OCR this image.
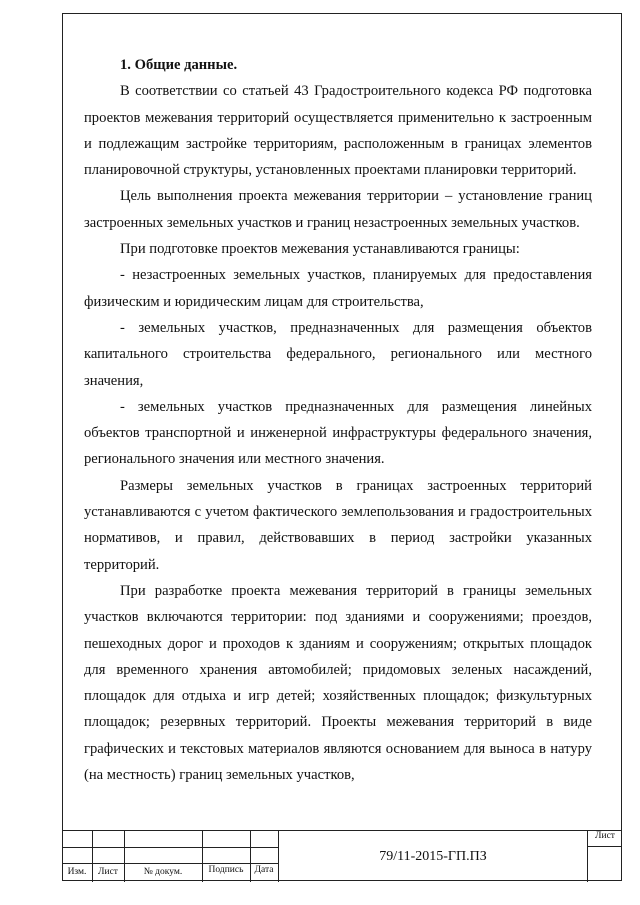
1. Общие данные.

В соответствии со статьей 43 Градостроительного кодекса РФ подготовка проектов межевания территорий осуществляется применительно к застроенным и подлежащим застройке территориям, расположенным в границах элементов планировочной структуры, установленных проектами планировки территорий.

Цель выполнения проекта межевания территории – установление границ застроенных земельных участков и границ незастроенных земельных участков.

При подготовке проектов межевания устанавливаются границы:

- незастроенных земельных участков, планируемых для предоставления физическим и юридическим лицам для строительства,

- земельных участков, предназначенных для размещения объектов капитального строительства федерального, регионального или местного значения,

- земельных участков предназначенных для размещения линейных объектов транспортной и инженерной инфраструктуры федерального значения, регионального значения или местного значения.

Размеры земельных участков в границах застроенных территорий устанавливаются с учетом фактического землепользования и градостроительных нормативов, и правил, действовавших в период застройки указанных территорий.

При разработке проекта межевания территорий в границы земельных участков включаются территории: под зданиями и сооружениями; проездов, пешеходных дорог и проходов к зданиям и сооружениям; открытых площадок для временного хранения автомобилей; придомовых зеленых насаждений, площадок для отдыха и игр детей; хозяйственных площадок; физкультурных площадок; резервных территорий. Проекты межевания территорий в виде графических и текстовых материалов являются основанием для выноса в натуру (на местность) границ земельных участков,

Изм.	Лист	№ докум.	Подпись	Дата
79/11-2015-ГП.ПЗ
Лист
